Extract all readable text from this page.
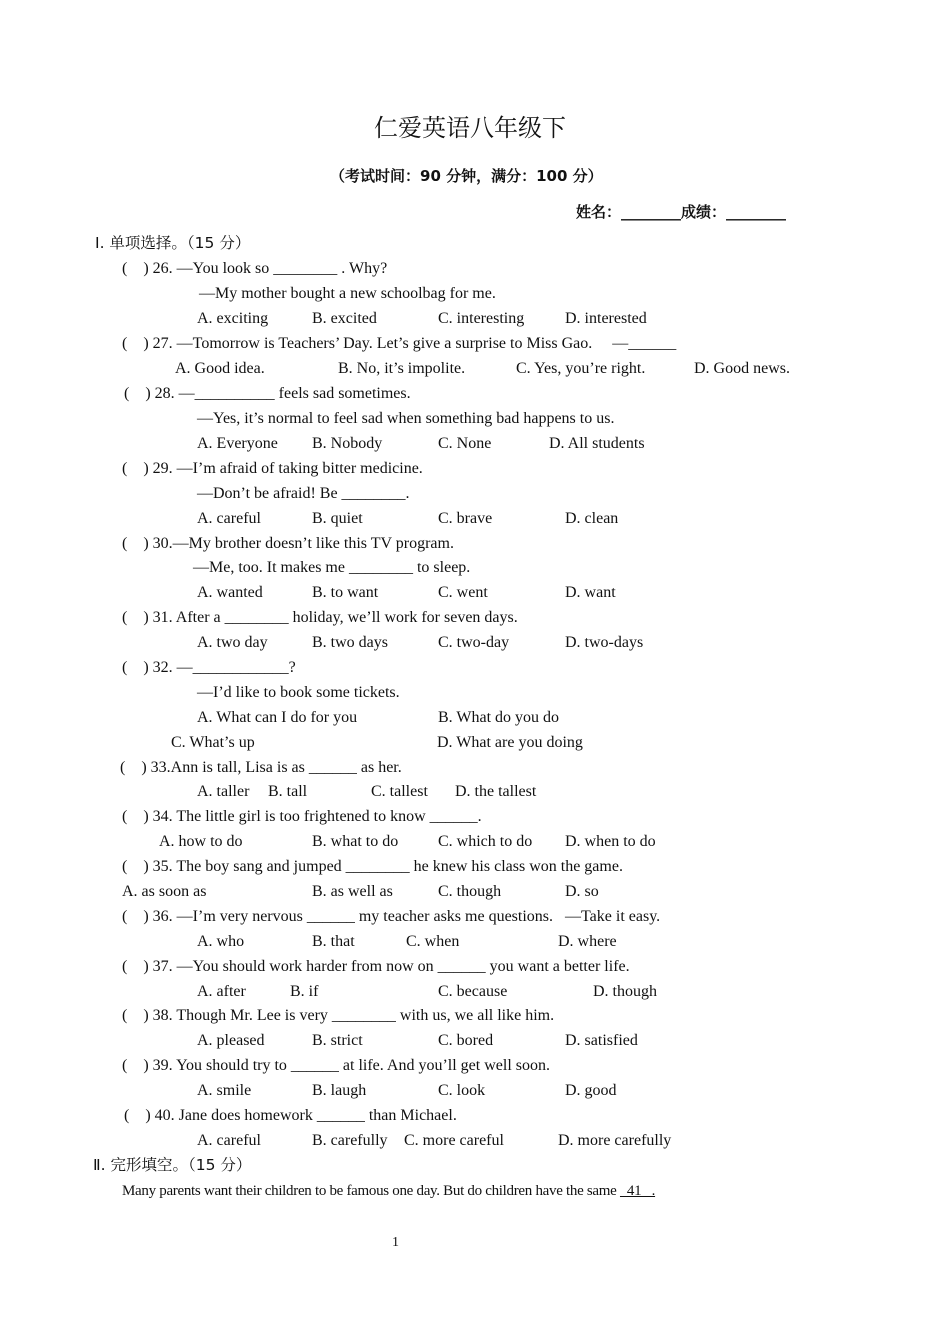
仁爱英语八年级下
（考试时间：90 分钟，满分：100 分）
姓名：________成绩：________
Ⅰ. 单项选择。（15 分）
(    ) 26. —You look so ________ . Why?
—My mother bought a new schoolbag for me.
A. exciting	B. excited	C. interesting	D. interested
(    ) 27. —Tomorrow is Teachers’ Day. Let’s give a surprise to Miss Gao.     —______
A. Good idea.	B. No, it’s impolite.	C. Yes, you’re right.	D. Good news.
(    ) 28. —__________ feels sad sometimes.
—Yes, it’s normal to feel sad when something bad happens to us.
A. Everyone B. Nobody	C. None	D. All students
(    ) 29. —I’m afraid of taking bitter medicine.
—Don’t be afraid! Be ________.
A. careful	B. quiet	C. brave	D. clean
(    ) 30.—My brother doesn’t like this TV program.
—Me, too. It makes me ________ to sleep.
A. wanted	B. to want	C. went	D. want
(    ) 31. After a ________ holiday, we’ll work for seven days.
A. two day	B. two days	C. two-day	D. two-days
(    ) 32. —____________?
—I’d like to book some tickets.
A. What can I do for you	B. What do you do
C. What’s up	D. What are you doing
(    ) 33.Ann is tall, Lisa is as ______ as her.
A. taller B. tall	C. tallest D. the tallest
(    ) 34. The little girl is too frightened to know ______.
A. how to do	B. what to do C. which to do D. when to do
(    ) 35. The boy sang and jumped ________ he knew his class won the game.
A. as soon as	B. as well as	C. though	D. so
(    ) 36. —I’m very nervous ______ my teacher asks me questions.   —Take it easy.
A. who	B. that	C. when	D. where
(    ) 37. —You should work harder from now on ______ you want a better life.
A. after	B. if	C. because	D. though
(    ) 38. Though Mr. Lee is very ________ with us, we all like him.
A. pleased	B. strict	C. bored	D. satisfied
(    ) 39. You should try to ______ at life. And you’ll get well soon.
A. smile	B. laugh	C. look	D. good
(    ) 40. Jane does homework ______ than Michael.
A. careful	B. carefully C. more careful	D. more carefully
Ⅱ. 完形填空。（15 分）
Many parents want their children to be famous one day. But do children have the same   41   .
1
